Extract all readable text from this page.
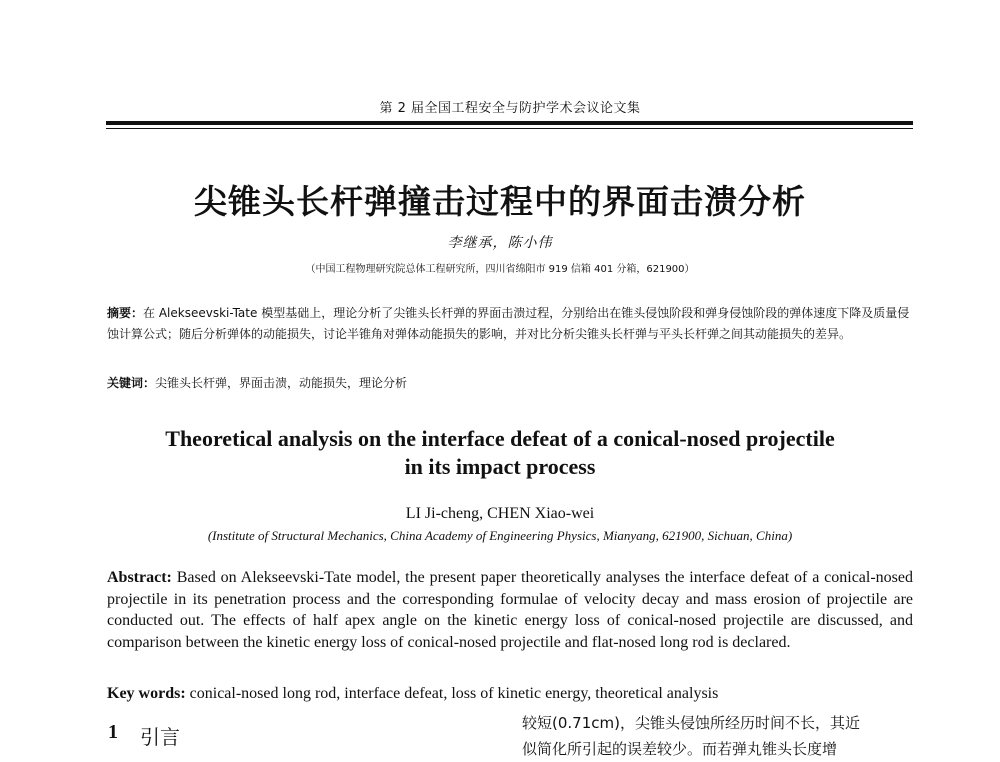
第 2 届全国工程安全与防护学术会议论文集
尖锥头长杆弹撞击过程中的界面击溃分析
李继承，陈小伟
（中国工程物理研究院总体工程研究所，四川省绵阳市 919 信箱 401 分箱，621900）
摘要：在 Alekseevski-Tate 模型基础上，理论分析了尖锥头长杆弹的界面击溃过程，分别给出在锥头侵蚀阶段和弹身侵蚀阶段的弹体速度下降及质量侵蚀计算公式；随后分析弹体的动能损失，讨论半锥角对弹体动能损失的影响，并对比分析尖锥头长杆弹与平头长杆弹之间其动能损失的差异。
关键词：尖锥头长杆弹，界面击溃，动能损失，理论分析
Theoretical analysis on the interface defeat of a conical-nosed projectile
in its impact process
LI Ji-cheng, CHEN Xiao-wei
(Institute of Structural Mechanics, China Academy of Engineering Physics, Mianyang, 621900, Sichuan, China)
Abstract: Based on Alekseevski-Tate model, the present paper theoretically analyses the interface defeat of a conical-nosed projectile in its penetration process and the corresponding formulae of velocity decay and mass erosion of projectile are conducted out. The effects of half apex angle on the kinetic energy loss of conical-nosed projectile are discussed, and comparison between the kinetic energy loss of conical-nosed projectile and flat-nosed long rod is declared.
Key words: conical-nosed long rod, interface defeat, loss of kinetic energy, theoretical analysis
1 引言
较短(0.71cm)，尖锥头侵蚀所经历时间不长，其近
似简化所引起的误差较少。而若弹丸锥头长度增
